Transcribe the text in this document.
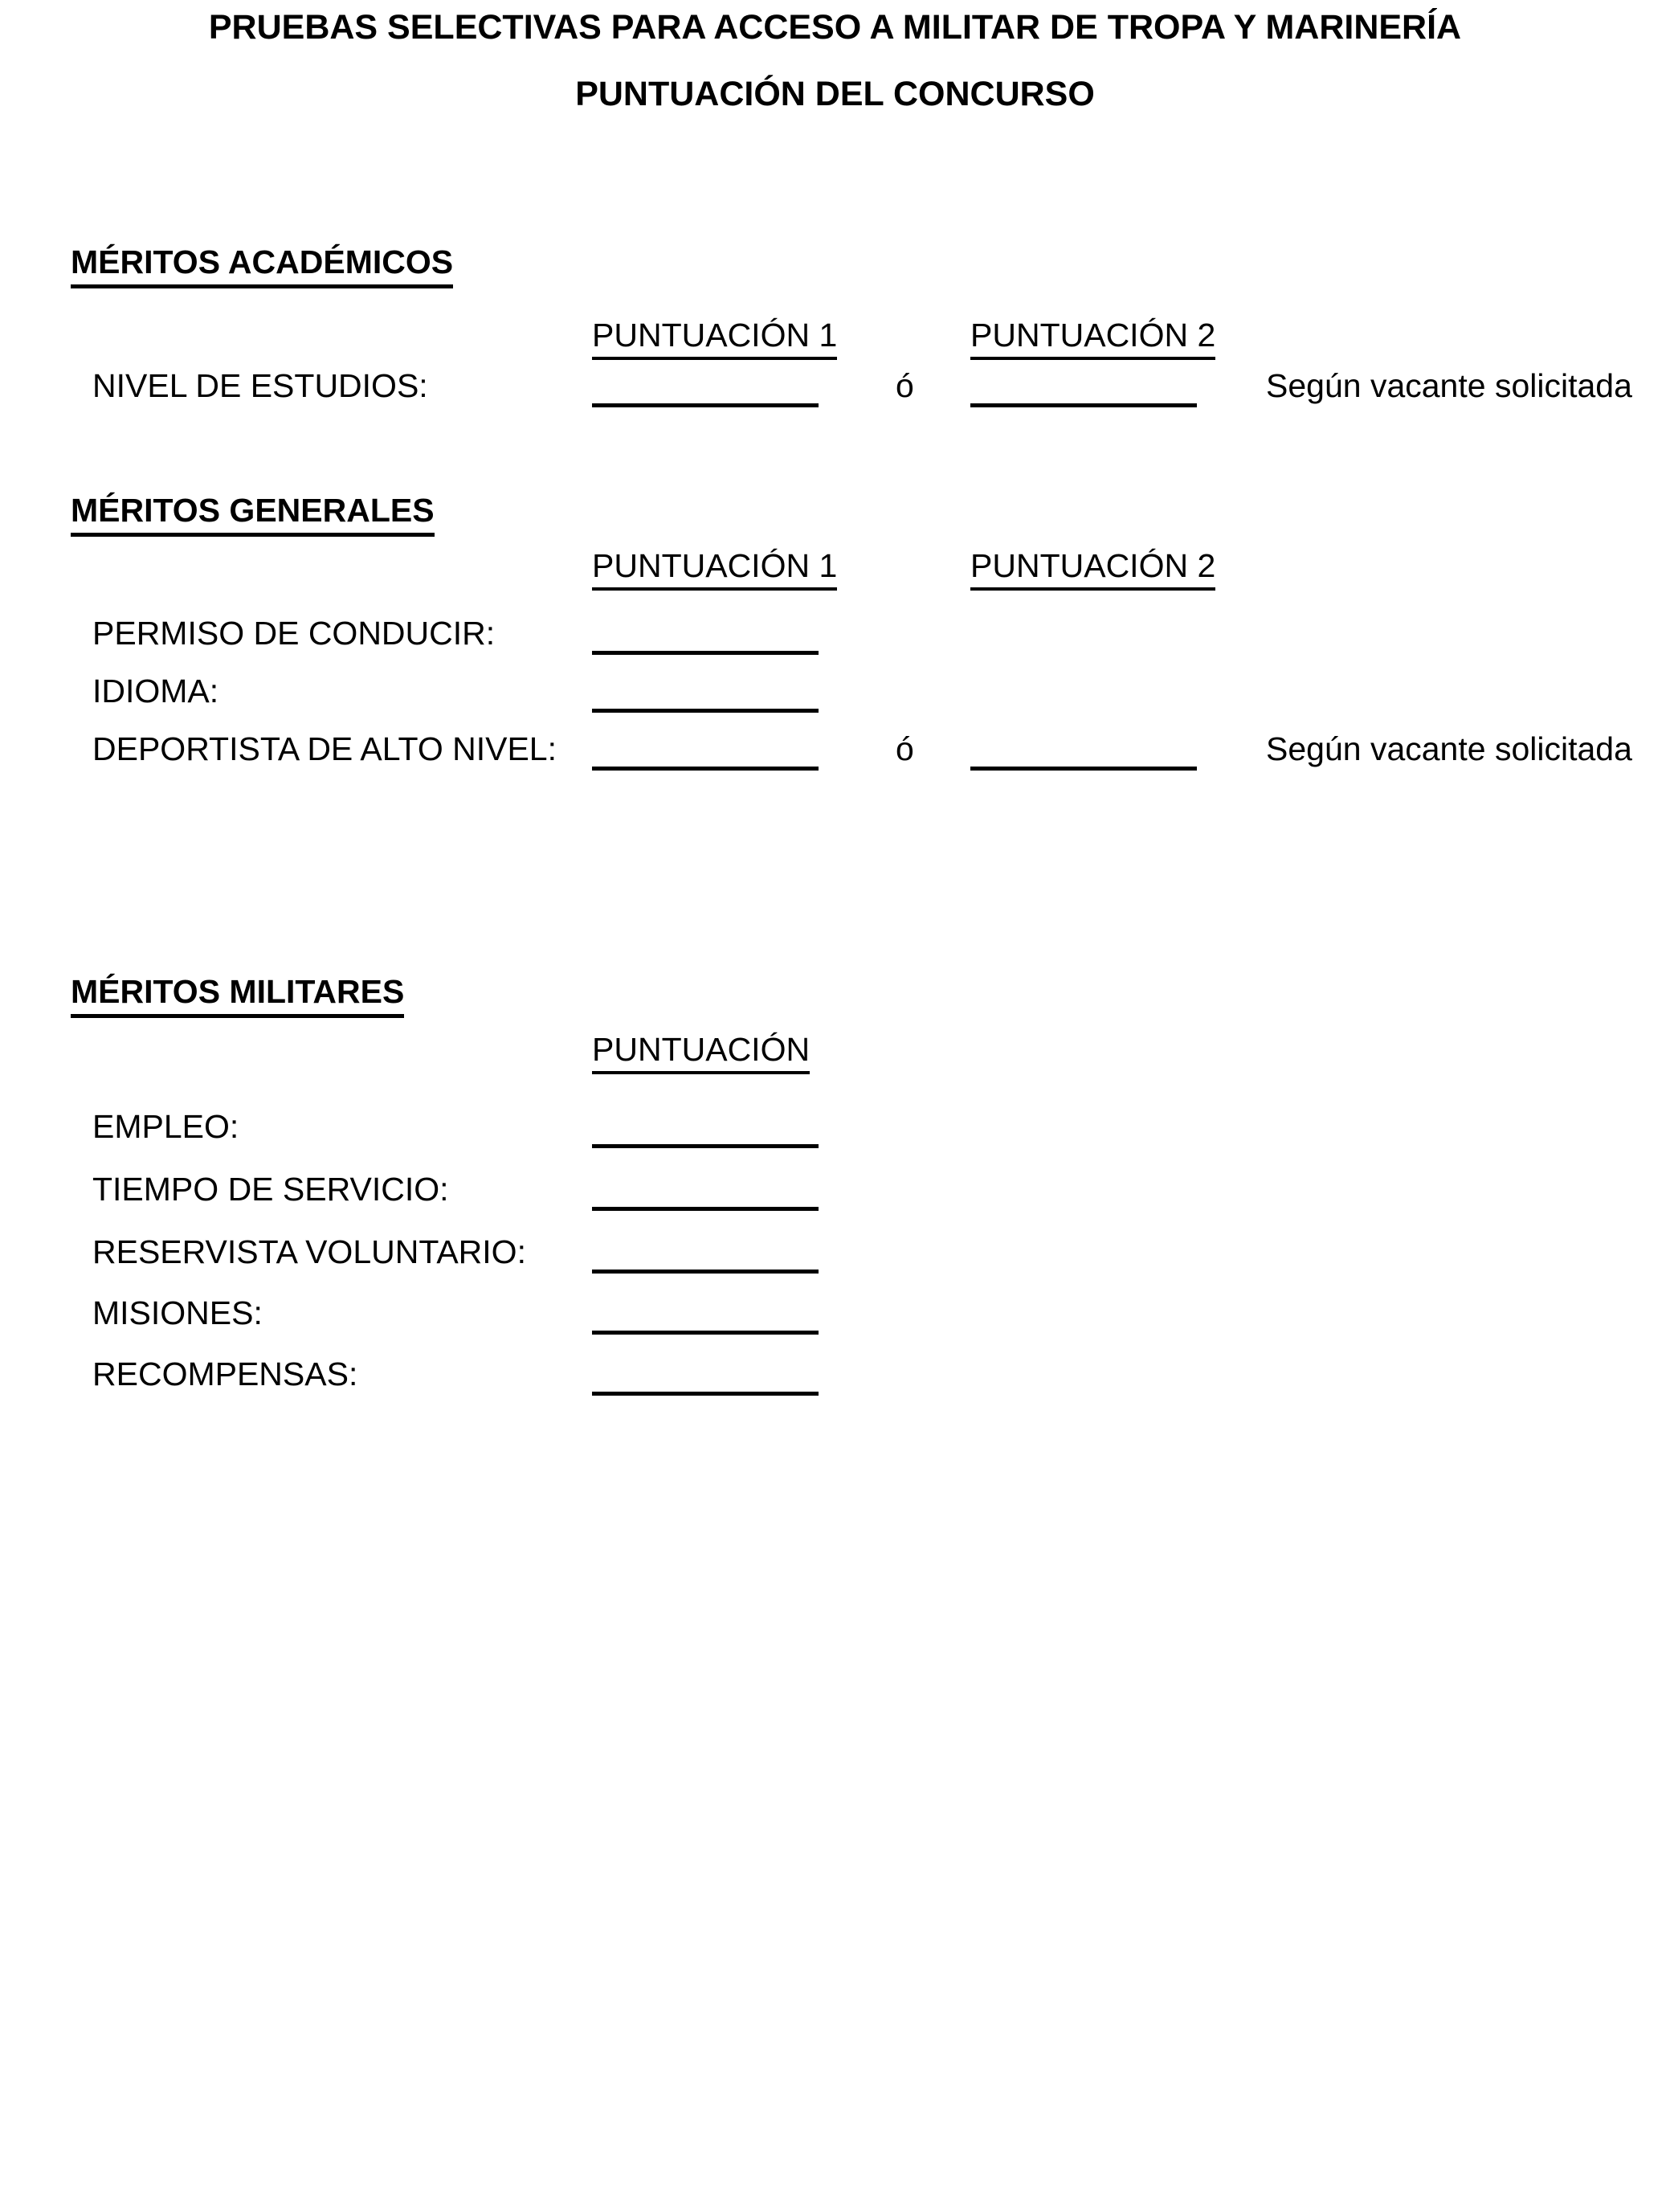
PRUEBAS SELECTIVAS PARA ACCESO A MILITAR DE TROPA Y MARINERÍA
PUNTUACIÓN DEL CONCURSO
MÉRITOS ACADÉMICOS
PUNTUACIÓN 1	PUNTUACIÓN 2
NIVEL DE ESTUDIOS:	ó	Según vacante solicitada
MÉRITOS GENERALES
PUNTUACIÓN 1	PUNTUACIÓN 2
PERMISO DE CONDUCIR:
IDIOMA:
DEPORTISTA DE ALTO NIVEL:	ó	Según vacante solicitada
MÉRITOS MILITARES
PUNTUACIÓN
EMPLEO:
TIEMPO DE SERVICIO:
RESERVISTA VOLUNTARIO:
MISIONES:
RECOMPENSAS:
